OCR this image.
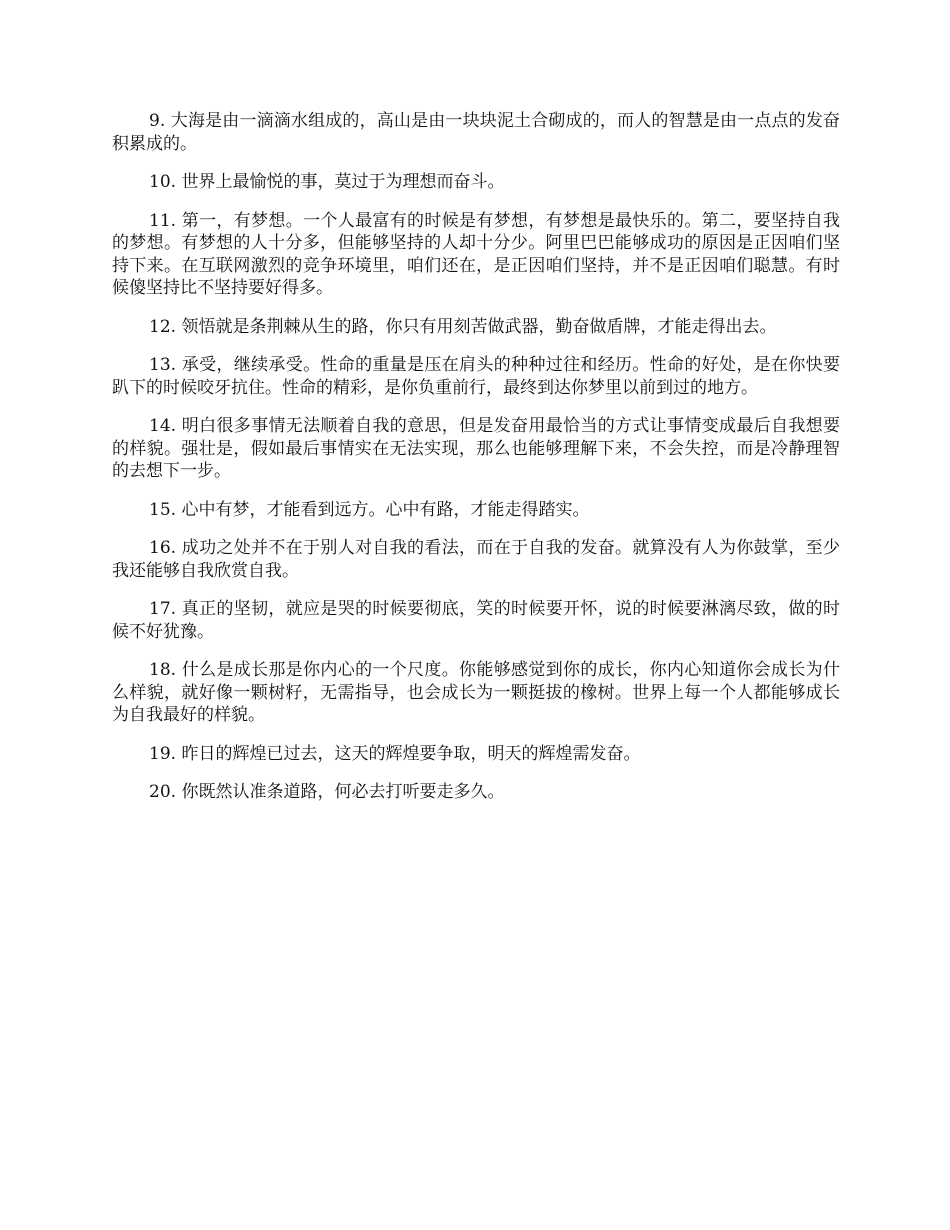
9. 大海是由一滴滴水组成的，高山是由一块块泥土合砌成的，而人的智慧是由一点点的发奋积累成的。

10. 世界上最愉悦的事，莫过于为理想而奋斗。

11. 第一，有梦想。一个人最富有的时候是有梦想，有梦想是最快乐的。第二，要坚持自我的梦想。有梦想的人十分多，但能够坚持的人却十分少。阿里巴巴能够成功的原因是正因咱们坚持下来。在互联网激烈的竞争环境里，咱们还在，是正因咱们坚持，并不是正因咱们聪慧。有时候傻坚持比不坚持要好得多。

12. 领悟就是条荆棘从生的路，你只有用刻苦做武器，勤奋做盾牌，才能走得出去。

13. 承受，继续承受。性命的重量是压在肩头的种种过往和经历。性命的好处，是在你快要趴下的时候咬牙抗住。性命的精彩，是你负重前行，最终到达你梦里以前到过的地方。

14. 明白很多事情无法顺着自我的意思，但是发奋用最恰当的方式让事情变成最后自我想要的样貌。强壮是，假如最后事情实在无法实现，那么也能够理解下来，不会失控，而是冷静理智的去想下一步。

15. 心中有梦，才能看到远方。心中有路，才能走得踏实。

16. 成功之处并不在于别人对自我的看法，而在于自我的发奋。就算没有人为你鼓掌，至少我还能够自我欣赏自我。

17. 真正的坚韧，就应是哭的时候要彻底，笑的时候要开怀，说的时候要淋漓尽致，做的时候不好犹豫。

18. 什么是成长那是你内心的一个尺度。你能够感觉到你的成长，你内心知道你会成长为什么样貌，就好像一颗树籽，无需指导，也会成长为一颗挺拔的橡树。世界上每一个人都能够成长为自我最好的样貌。

19. 昨日的辉煌已过去，这天的辉煌要争取，明天的辉煌需发奋。

20. 你既然认准条道路，何必去打听要走多久。
